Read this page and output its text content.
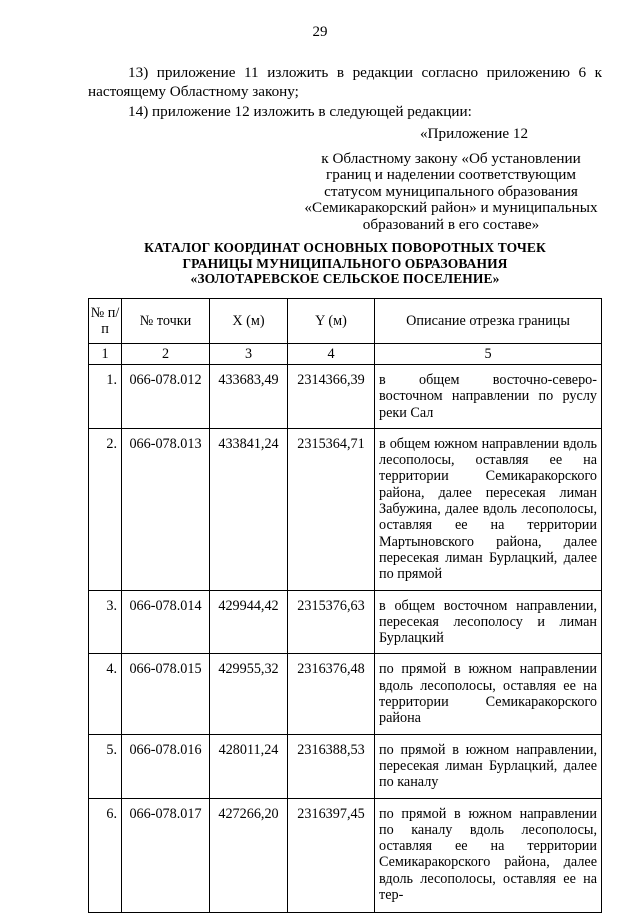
29
13) приложение 11 изложить в редакции согласно приложению 6 к настоящему Областному закону;
14) приложение 12 изложить в следующей редакции:
«Приложение 12
к Областному закону «Об установлении границ и наделении соответствующим статусом муниципального образования «Семикаракорский район» и муниципальных образований в его составе»
КАТАЛОГ КООРДИНАТ ОСНОВНЫХ ПОВОРОТНЫХ ТОЧЕК
ГРАНИЦЫ МУНИЦИПАЛЬНОГО ОБРАЗОВАНИЯ
«ЗОЛОТАРЕВСКОЕ СЕЛЬСКОЕ ПОСЕЛЕНИЕ»
№ п/п	№ точки	X (м)	Y (м)	Описание отрезка границы
1	2	3	4	5
1.	066-078.012	433683,49	2314366,39	в общем восточно-северо-восточном направлении по руслу реки Сал
2.	066-078.013	433841,24	2315364,71	в общем южном направлении вдоль лесополосы, оставляя ее на территории Семикаракорского района, далее пересекая лиман Забужина, далее вдоль лесополосы, оставляя ее на территории Мартыновского района, далее пересекая лиман Бурлацкий, далее по прямой
3.	066-078.014	429944,42	2315376,63	в общем восточном направлении, пересекая лесополосу и лиман Бурлацкий
4.	066-078.015	429955,32	2316376,48	по прямой в южном направлении вдоль лесополосы, оставляя ее на территории Семикаракорского района
5.	066-078.016	428011,24	2316388,53	по прямой в южном направлении, пересекая лиман Бурлацкий, далее по каналу
6.	066-078.017	427266,20	2316397,45	по прямой в южном направлении по каналу вдоль лесополосы, оставляя ее на территории Семикаракорского района, далее вдоль лесополосы, оставляя ее на тер-
